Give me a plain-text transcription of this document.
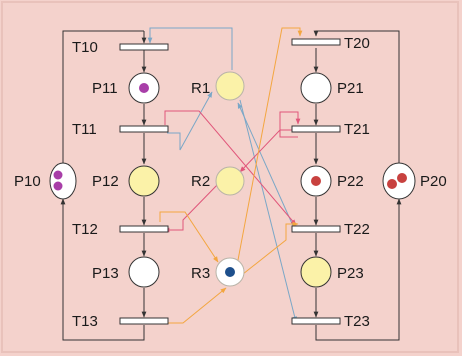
T10
P11
T11
P12
T12
P13
T13
R1
R2
R3
T20
P21
T21
P22
T22
P23
T23
P10	P20
